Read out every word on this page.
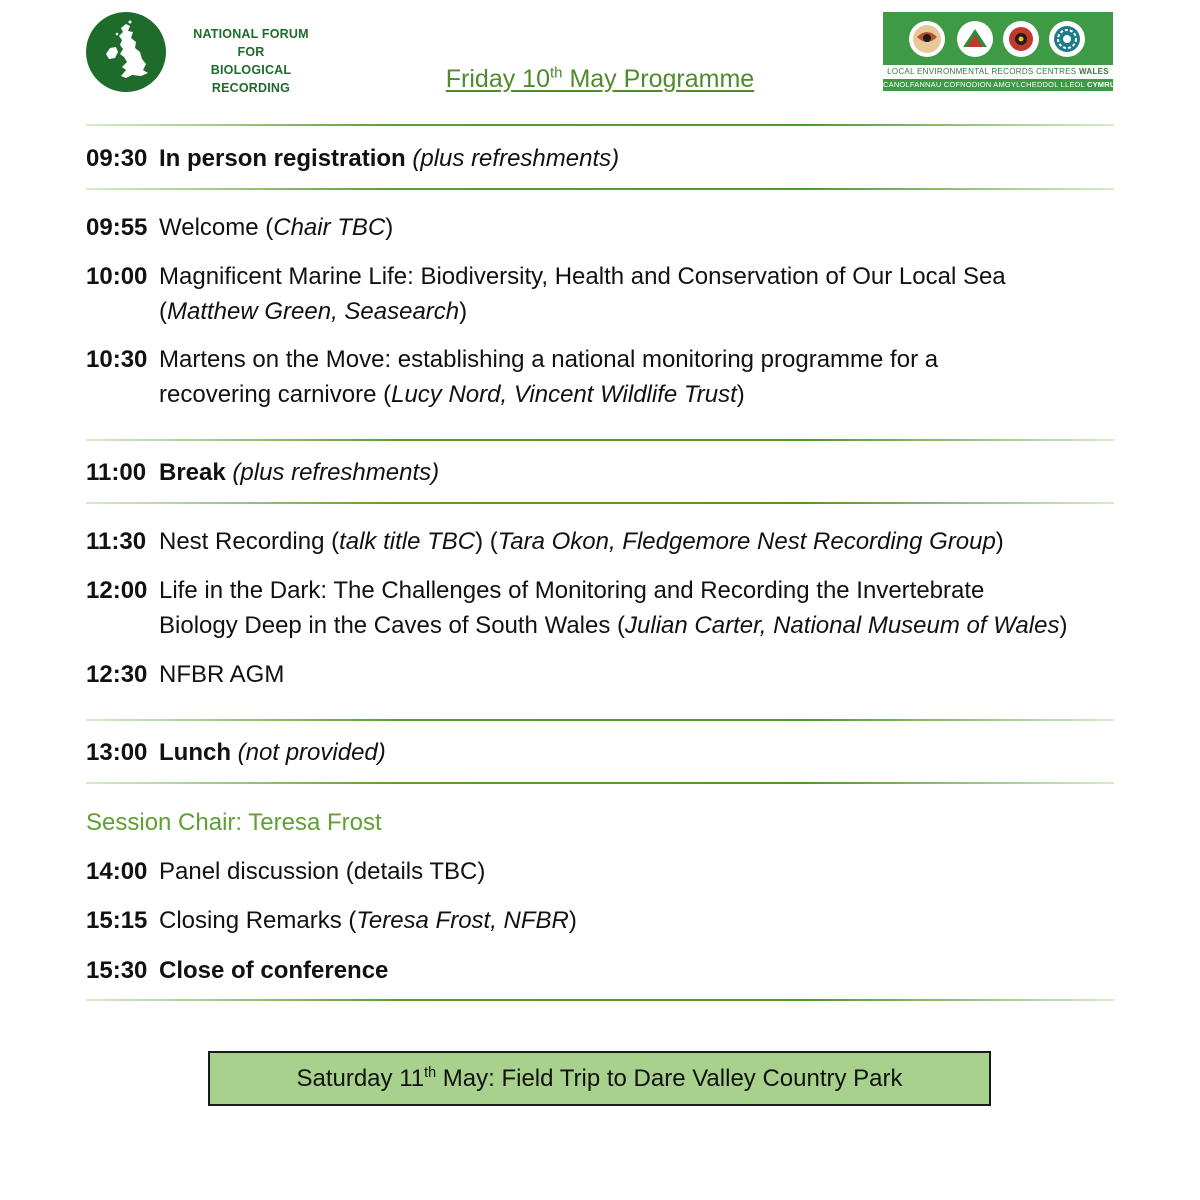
NATIONAL FORUM
FOR
BIOLOGICAL RECORDING
LOCAL ENVIRONMENTAL RECORDS CENTRES WALES
CANOLFANNAU COFNODION AMGYLCHEDDOL LLEOL CYMRU
Friday 10th May Programme
09:30 In person registration (plus refreshments)
09:55 Welcome (Chair TBC)
10:00 Magnificent Marine Life: Biodiversity, Health and Conservation of Our Local Sea
(Matthew Green, Seasearch)
10:30 Martens on the Move: establishing a national monitoring programme for a
recovering carnivore (Lucy Nord, Vincent Wildlife Trust)
11:00 Break (plus refreshments)
11:30 Nest Recording (talk title TBC) (Tara Okon, Fledgemore Nest Recording Group)
12:00 Life in the Dark: The Challenges of Monitoring and Recording the Invertebrate
Biology Deep in the Caves of South Wales (Julian Carter, National Museum of Wales)
12:30 NFBR AGM
13:00 Lunch (not provided)
Session Chair: Teresa Frost
14:00 Panel discussion (details TBC)
15:15 Closing Remarks (Teresa Frost, NFBR)
15:30 Close of conference
Saturday 11th May: Field Trip to Dare Valley Country Park
